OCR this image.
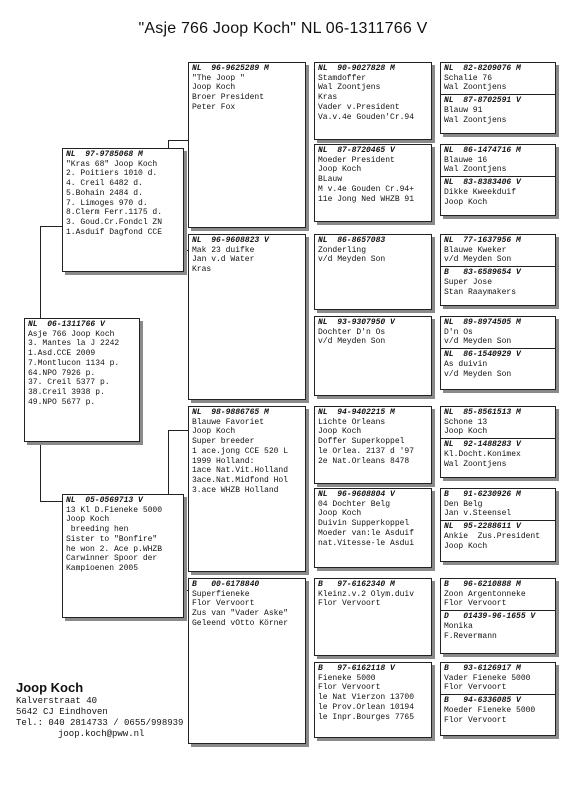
"Asje 766 Joop Koch" NL 06-1311766 V
NL  06-1311766 V
Asje 766 Joop Koch
3. Mantes la J 2242
1.Asd.CCE 2009
7.Montlucon 1134 p.
64.NPO 7926 p.
37. Creil 5377 p.
38.Creil 3938 p.
49.NPO 5677 p.
NL  97-9785068 M
"Kras 68" Joop Koch
2. Poitiers 1010 d.
4. Creil 6482 d.
5.Bohain 2484 d.
7. Limoges 970 d.
8.Clerm Ferr.1175 d.
3. Goud.Cr.Fondcl ZN
1.Asduif Dagfond CCE
NL  05-0569713 V
13 Kl D.Fieneke 5000
Joop Koch
breeding hen
Sister to "Bonfire"
he won 2. Ace p.WHZB
Carwinner Spoor der
Kampioenen 2005
NL  96-9625289 M
"The Joop "
Joop Koch
Broer President
Peter Fox
NL  96-9608823 V
Mak 23 duifke
Jan v.d Water
Kras
NL  98-9886765 M
Blauwe Favoriet
Joop Koch
Super breeder
1 ace.jong CCE 520 L
1999 Holland:
1ace Nat.Vit.Holland
3ace.Nat.Midfond Hol
3.ace WHZB Holland
B   00-6178840
Superfieneke
Flor Vervoort
Zus van "Vader Aske"
Geleend vOtto Körner
NL  90-9027828 M
Stamdoffer
Wal Zoontjens
Kras
Vader v.President
Va.v.4e Gouden'Cr.94
NL  87-8720465 V
Moeder President
Joop Koch
BLauw
M v.4e Gouden Cr.94+
11e Jong Ned WHZB 91
NL  86-8657083
Zonderling
v/d Meyden Son
NL  93-9307950 V
Dochter D'n Os
v/d Meyden Son
NL  94-9402215 M
Lichte Orleans
Joop Koch
Doffer Superkoppel
le Orlea. 2137 d '97
2e Nat.Orleans 8478
NL  96-9608804 V
04 Dochter Belg
Joop Koch
Duivin Supperkoppel
Moeder van:le Asduif
nat.Vitesse-le Asdui
B   97-6162340 M
Kleinz.v.2 Olym.duiv
Flor Vervoort
B   97-6162118 V
Fieneke 5000
Flor Vervoort
le Nat Vierzon 13700
le Prov.Orlean 10194
le Inpr.Bourges 7765
NL  82-8209076 M
Schalie 76
Wal Zoontjens
NL  87-8702591 V
Blauw 91
Wal Zoontjens
NL  86-1474716 M
Blauwe 16
Wal Zoontjens
NL  83-8383406 V
Dikke Kweekduif
Joop Koch
NL  77-1637956 M
Blauwe Kweker
v/d Meyden Son
B   83-6589654 V
Super Jose
Stan Raaymakers
NL  89-8974505 M
D'n Os
v/d Meyden Son
NL  86-1540929 V
As duivin
v/d Meyden Son
NL  85-8561513 M
Schone 13
Joop Koch
NL  92-1488283 V
Kl.Docht.Konimex
Wal Zoontjens
B   91-6230926 M
Den Belg
Jan v.Steensel
NL  95-2288611 V
Ankie  Zus.President
Joop Koch
B   96-6210888 M
Zoon Argentonneke
Flor Vervoort
D   01439-96-1655 V
Monika
F.Revermann
B   93-6126917 M
Vader Fieneke 5000
Flor Vervoort
B   94-6336085 V
Moeder Fieneke 5000
Flor Vervoort
Joop Koch
Kalverstraat 40
5642 CJ Eindhoven
Tel.: 040 2814733 / 0655/998939
joop.koch@pww.nl
